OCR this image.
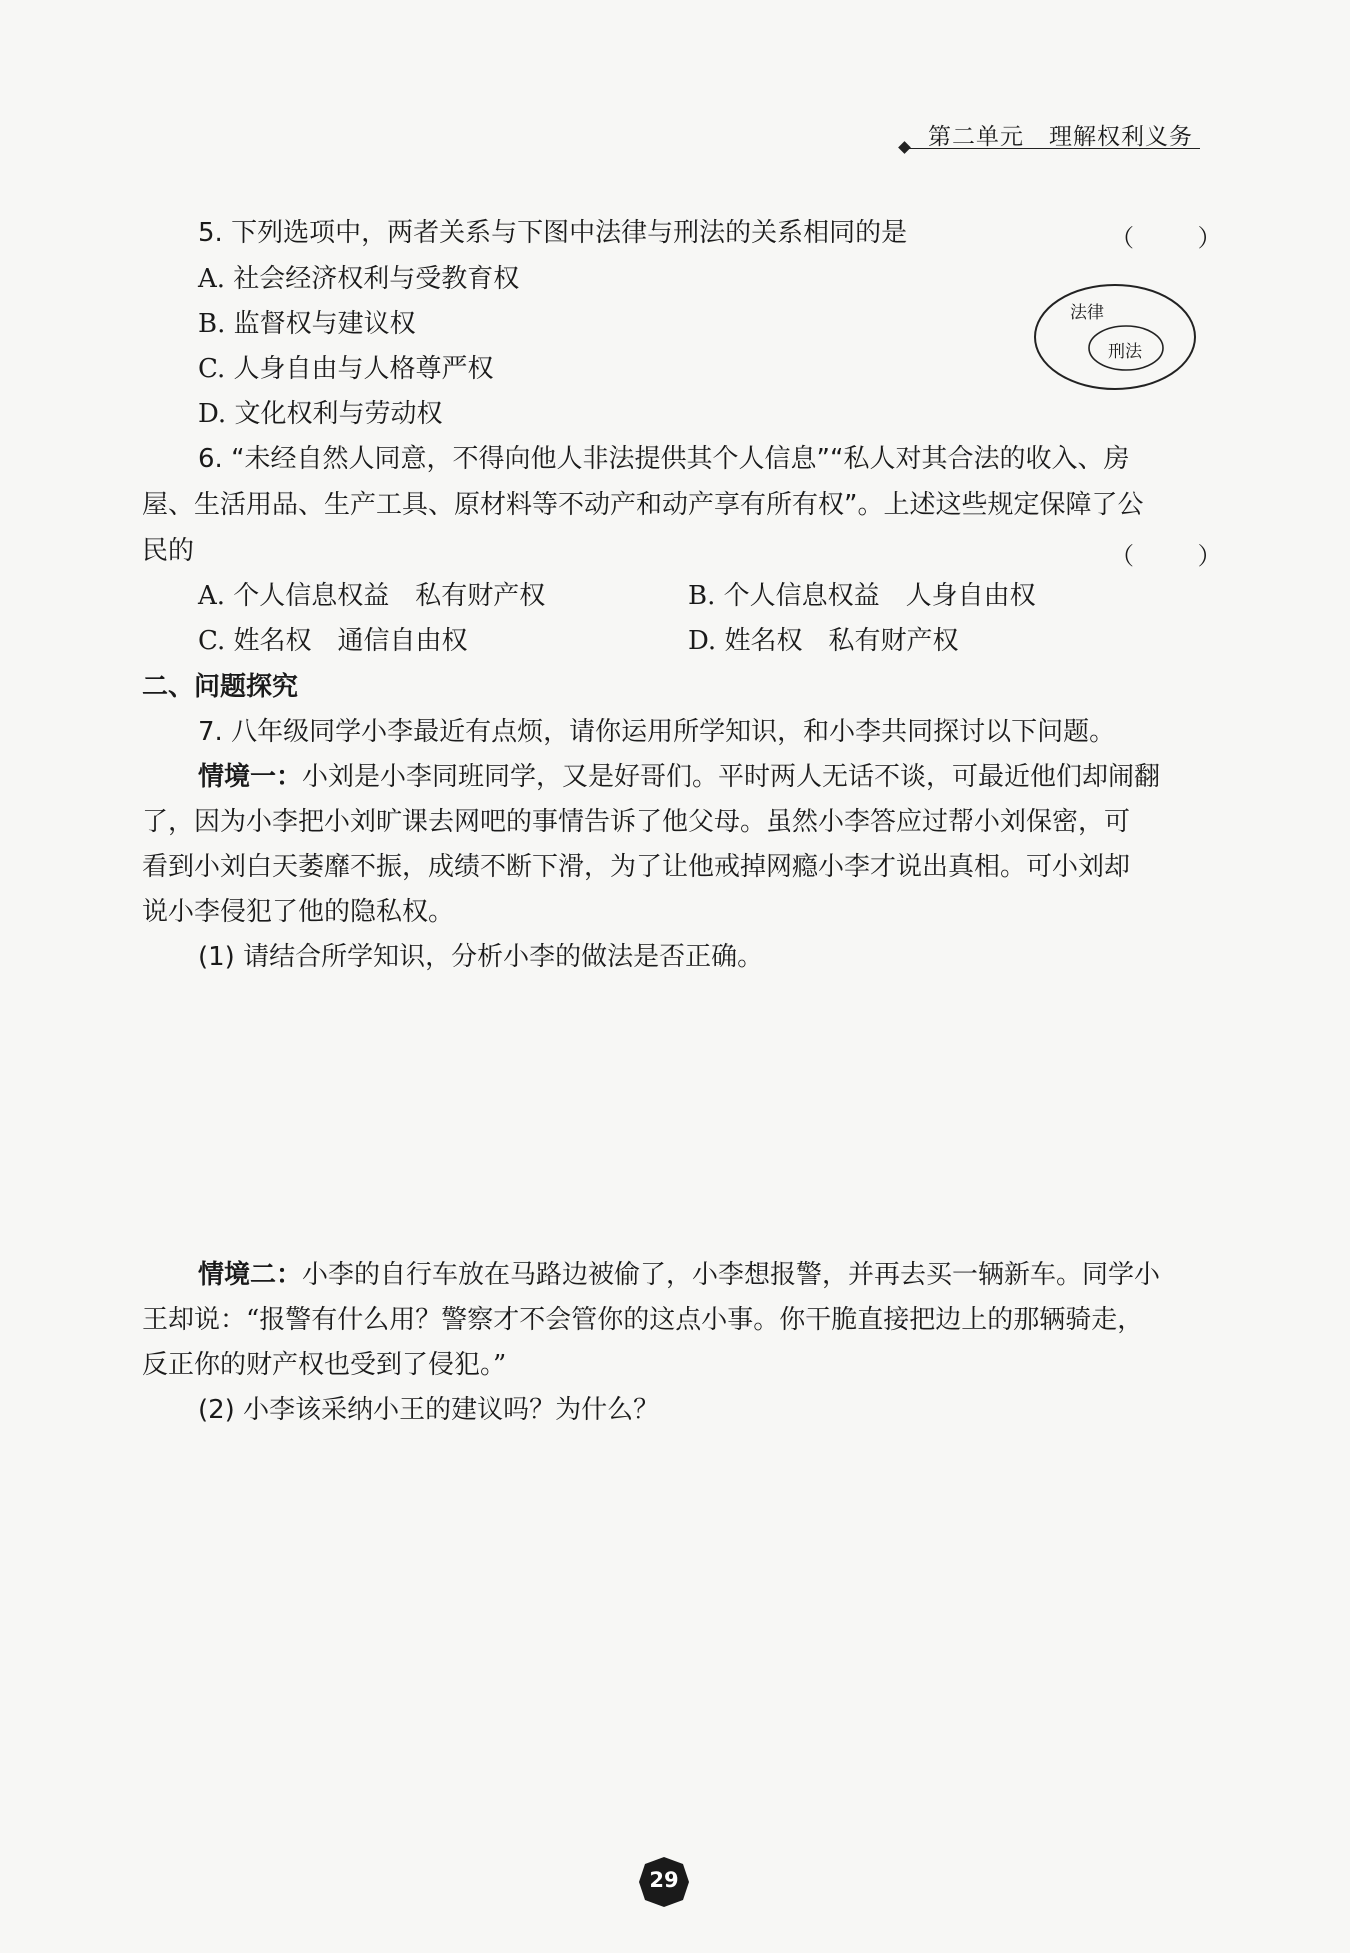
第二单元 理解权利义务
5. 下列选项中，两者关系与下图中法律与刑法的关系相同的是	（ ）
A. 社会经济权利与受教育权
B. 监督权与建议权
C. 人身自由与人格尊严权
D. 文化权利与劳动权
法律
刑法
6. “未经自然人同意，不得向他人非法提供其个人信息”“私人对其合法的收入、房
屋、生活用品、生产工具、原材料等不动产和动产享有所有权”。上述这些规定保障了公
民的	（ ）
A. 个人信息权益　私有财产权	B. 个人信息权益　人身自由权
C. 姓名权　通信自由权	D. 姓名权　私有财产权
二、问题探究
7. 八年级同学小李最近有点烦，请你运用所学知识，和小李共同探讨以下问题。
情境一：小刘是小李同班同学，又是好哥们。平时两人无话不谈，可最近他们却闹翻
了，因为小李把小刘旷课去网吧的事情告诉了他父母。虽然小李答应过帮小刘保密，可
看到小刘白天萎靡不振，成绩不断下滑，为了让他戒掉网瘾小李才说出真相。可小刘却
说小李侵犯了他的隐私权。
(1) 请结合所学知识，分析小李的做法是否正确。
情境二：小李的自行车放在马路边被偷了，小李想报警，并再去买一辆新车。同学小
王却说：“报警有什么用？警察才不会管你的这点小事。你干脆直接把边上的那辆骑走，
反正你的财产权也受到了侵犯。”
(2) 小李该采纳小王的建议吗？为什么？
29
